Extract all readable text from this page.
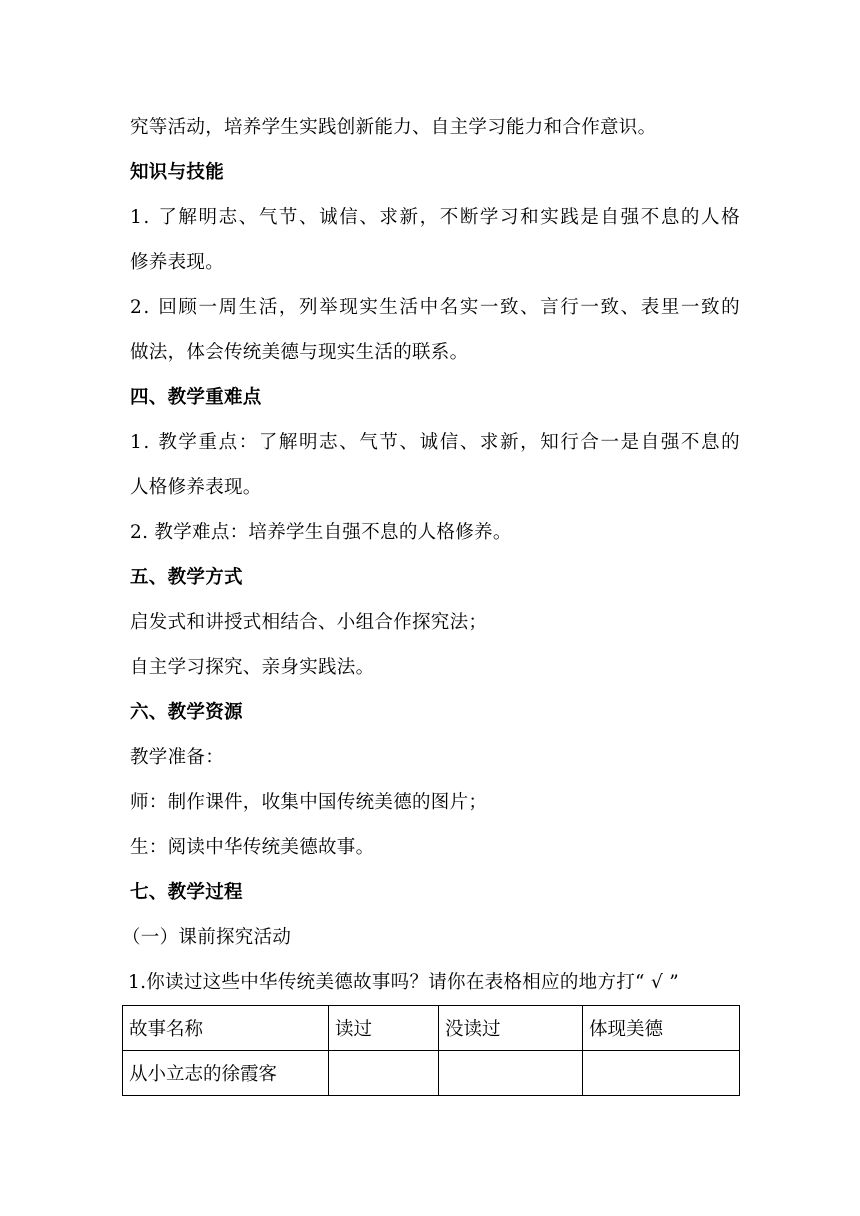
究等活动，培养学生实践创新能力、自主学习能力和合作意识。
知识与技能
1. 了解明志、气节、诚信、求新，不断学习和实践是自强不息的人格
修养表现。
2. 回顾一周生活，列举现实生活中名实一致、言行一致、表里一致的
做法，体会传统美德与现实生活的联系。
四、教学重难点
1. 教学重点：了解明志、气节、诚信、求新，知行合一是自强不息的
人格修养表现。
2. 教学难点：培养学生自强不息的人格修养。
五、教学方式
启发式和讲授式相结合、小组合作探究法；
自主学习探究、亲身实践法。
六、教学资源
教学准备：
师：制作课件，收集中国传统美德的图片；
生：阅读中华传统美德故事。
七、教学过程
（一）课前探究活动
1.你读过这些中华传统美德故事吗？请你在表格相应的地方打“ √ ”
故事名称	读过	没读过	体现美德
从小立志的徐霞客			
